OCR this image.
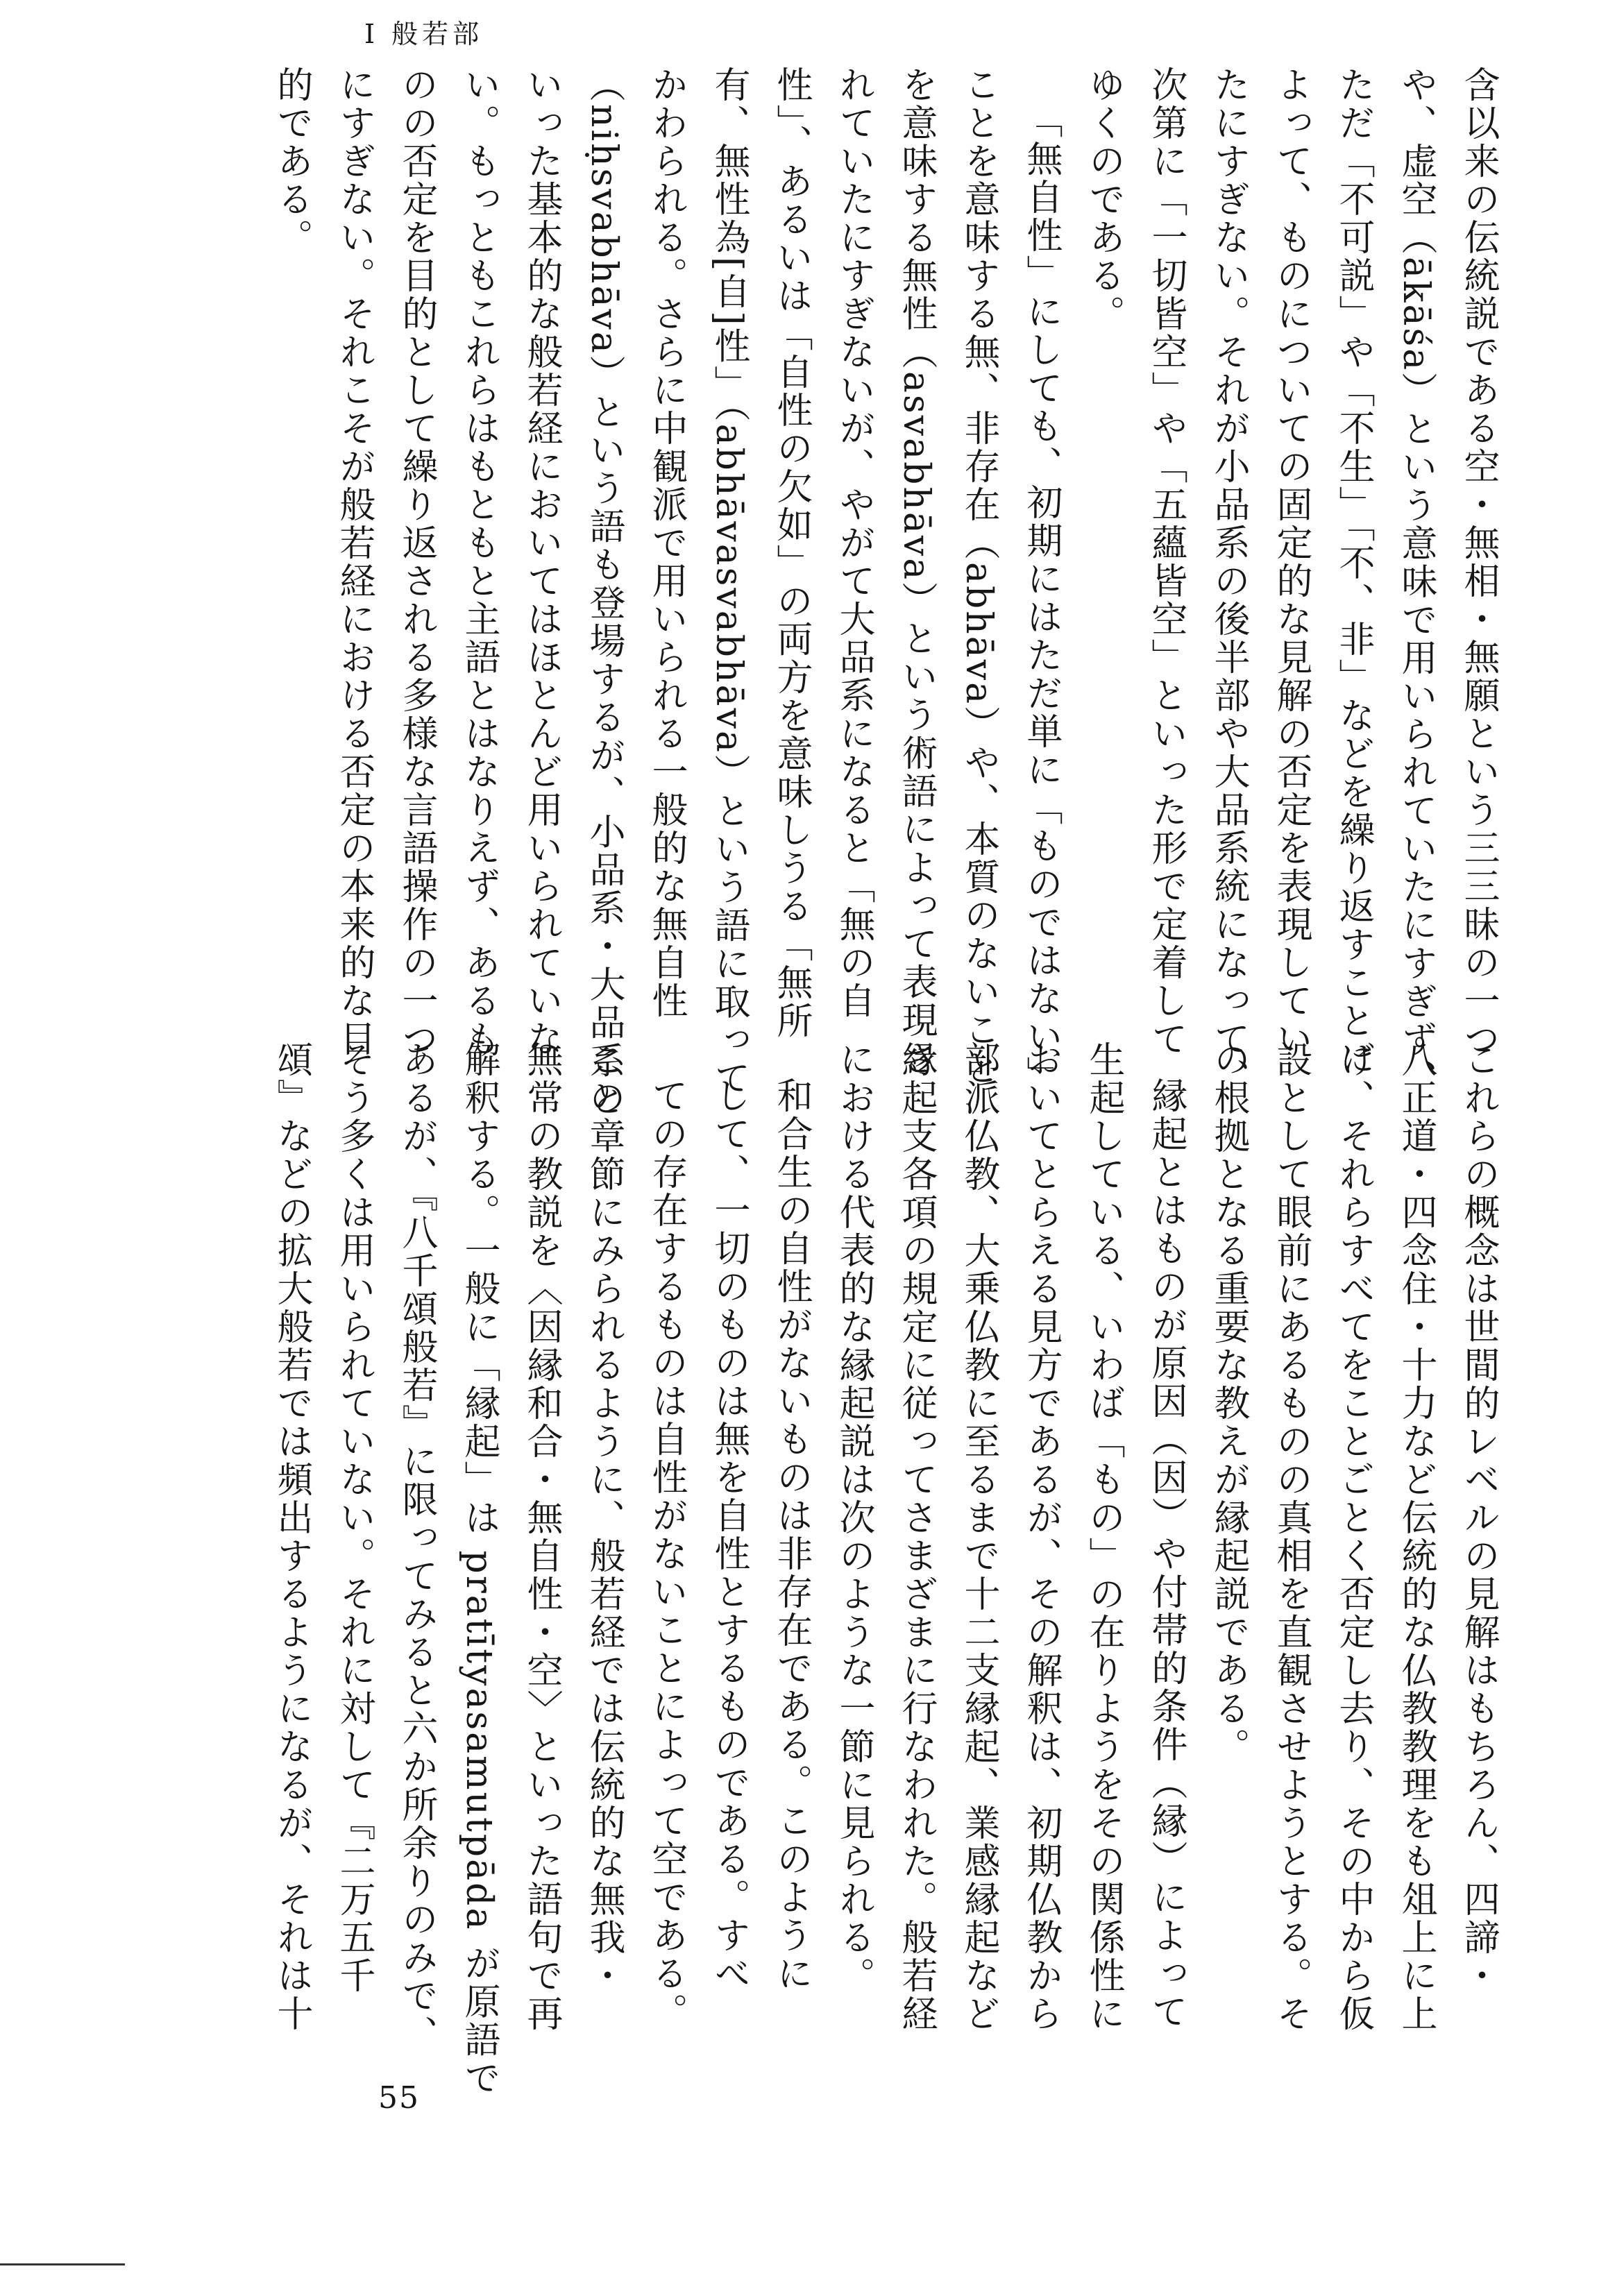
Ⅰ 般若部
含以来の伝統説である空・無相・無願という三三昧の一つ
や、虚空（ākāśa）という意味で用いられていたにすぎず、
ただ「不可説」や「不生」「不、非」などを繰り返すことに
よって、ものについての固定的な見解の否定を表現してい
たにすぎない。それが小品系の後半部や大品系統になって、
次第に「一切皆空」や「五蘊皆空」といった形で定着して
ゆくのである。
「無自性」にしても、初期にはただ単に「ものではない」
ことを意味する無、非存在（abhāva）や、本質のないこと
を意味する無性（asvabhāva）という術語によって表現さ
れていたにすぎないが、やがて大品系になると「無の自
性」、あるいは「自性の欠如」の両方を意味しうる「無所
有、無性為[自]性」（abhāvasvabhāva）という語に取って
かわられる。さらに中観派で用いられる一般的な無自性
（niḥsvabhāva）という語も登場するが、小品系・大品系と
いった基本的な般若経においてはほとんど用いられていな
い。もっともこれらはもともと主語とはなりえず、あるも
のの否定を目的として繰り返される多様な言語操作の一つ
にすぎない。それこそが般若経における否定の本来的な目
的である。
これらの概念は世間的レベルの見解はもちろん、四諦・
八正道・四念住・十力など伝統的な仏教教理をも俎上に上
げ、それらすべてをことごとく否定し去り、その中から仮
設として眼前にあるものの真相を直観させようとする。そ
の根拠となる重要な教えが縁起説である。
縁起とはものが原因（因）や付帯的条件（縁）によって
生起している、いわば「もの」の在りようをその関係性に
おいてとらえる見方であるが、その解釈は、初期仏教から
部派仏教、大乗仏教に至るまで十二支縁起、業感縁起など
縁起支各項の規定に従ってさまざまに行なわれた。般若経
における代表的な縁起説は次のような一節に見られる。
和合生の自性がないものは非存在である。このように
して、一切のものは無を自性とするものである。すべ
ての存在するものは自性がないことによって空である。
この章節にみられるように、般若経では伝統的な無我・
無常の教説を〈因縁和合・無自性・空〉といった語句で再
解釈する。一般に「縁起」は pratītyasamutpāda が原語で
あるが、『八千頌般若』に限ってみると六か所余りのみで、
そう多くは用いられていない。それに対して『二万五千
頌』などの拡大般若では頻出するようになるが、それは十
55
